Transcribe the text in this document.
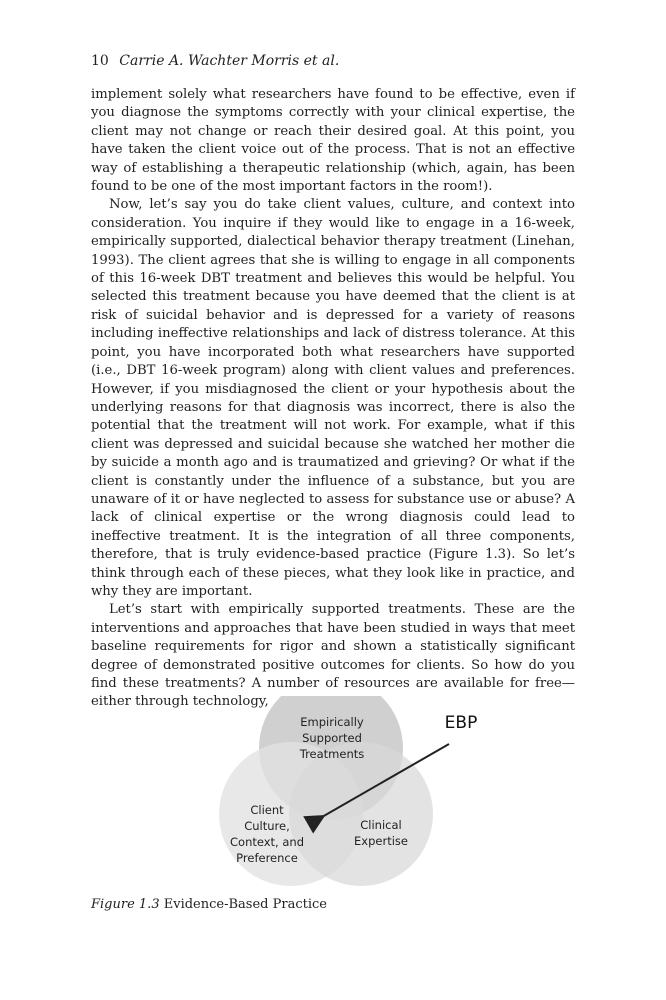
10 Carrie A. Wachter Morris et al.

implement solely what researchers have found to be effective, even if you diagnose the symptoms correctly with your clinical expertise, the client may not change or reach their desired goal. At this point, you have taken the client voice out of the process. That is not an effective way of establishing a therapeutic relationship (which, again, has been found to be one of the most important factors in the room!).

Now, let’s say you do take client values, culture, and context into consideration. You inquire if they would like to engage in a 16-week, empirically supported, dialectical behavior therapy treatment (Linehan, 1993). The client agrees that she is willing to engage in all components of this 16-week DBT treatment and believes this would be helpful. You selected this treatment because you have deemed that the client is at risk of suicidal behavior and is depressed for a variety of reasons including ineffective relationships and lack of distress tolerance. At this point, you have incorporated both what researchers have supported (i.e., DBT 16-week program) along with client values and preferences. However, if you misdiagnosed the client or your hypothesis about the underlying reasons for that diagnosis was incorrect, there is also the potential that the treatment will not work. For example, what if this client was depressed and suicidal because she watched her mother die by suicide a month ago and is traumatized and grieving? Or what if the client is constantly under the influence of a substance, but you are unaware of it or have neglected to assess for substance use or abuse? A lack of clinical expertise or the wrong diagnosis could lead to ineffective treatment. It is the integration of all three components, therefore, that is truly evidence-based practice (Figure 1.3). So let’s think through each of these pieces, what they look like in practice, and why they are important.

Let’s start with empirically supported treatments. These are the interventions and approaches that have been studied in ways that meet baseline requirements for rigor and shown a statistically significant degree of demonstrated positive outcomes for clients. So how do you find these treatments? A number of resources are available for free—either through technology,

Empirically
Supported
Treatments
Client
Culture,
Context, and
Preference
Clinical
Expertise
EBP
Figure 1.3 Evidence-Based Practice
